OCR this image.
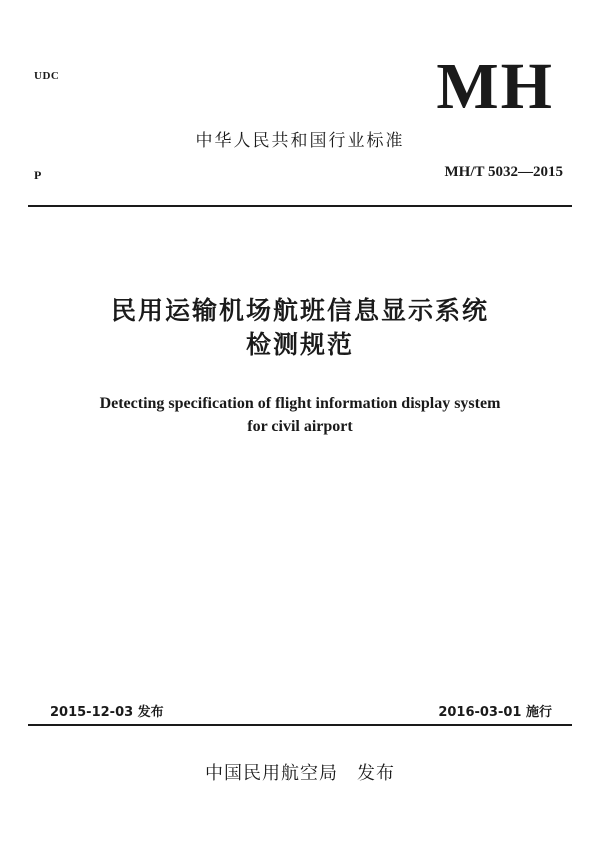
UDC	MH
中华人民共和国行业标准
P	MH/T 5032—2015
民用运输机场航班信息显示系统
检测规范
Detecting specification of flight information display system
for civil airport
2015-12-03 发布	2016-03-01 施行
中国民用航空局　发布
